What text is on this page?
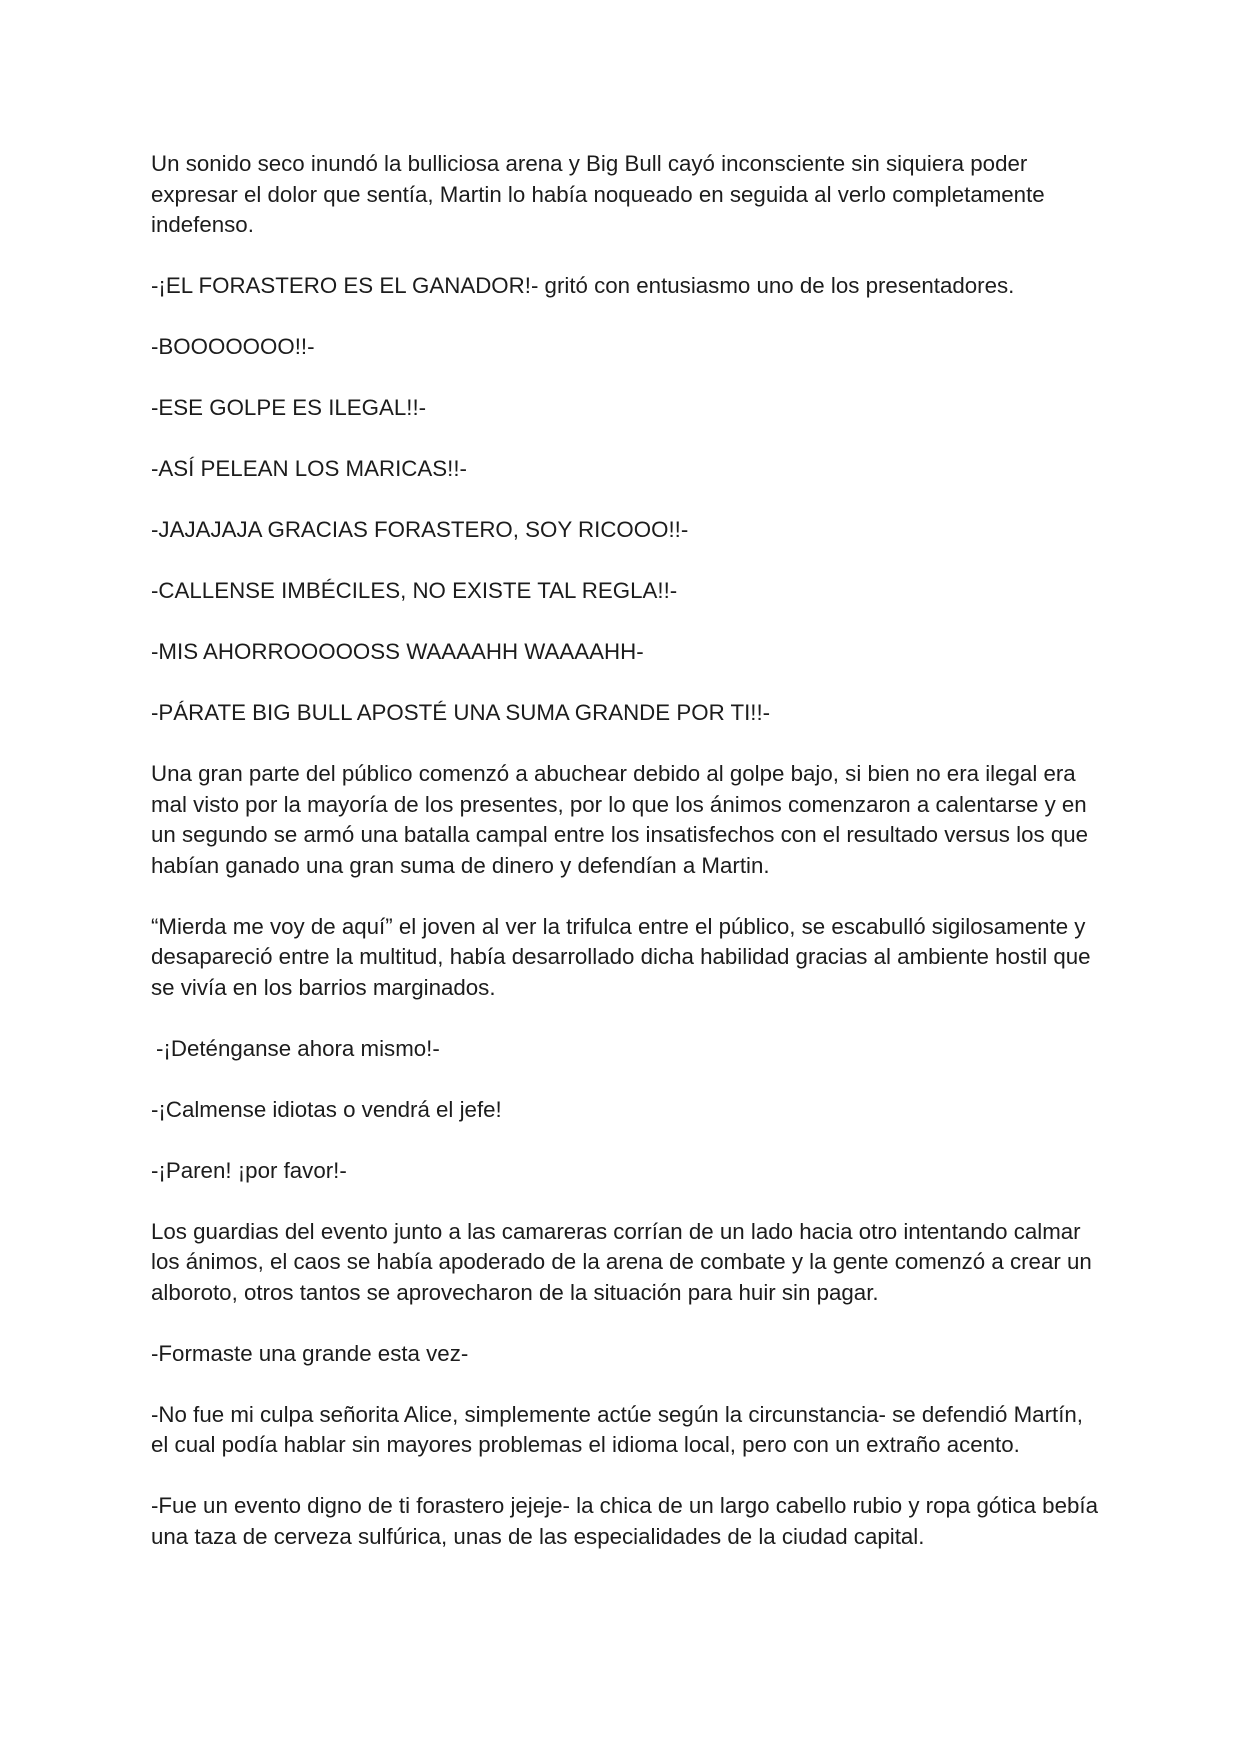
Un sonido seco inundó la bulliciosa arena y Big Bull cayó inconsciente sin siquiera poder expresar el dolor que sentía, Martin lo había noqueado en seguida al verlo completamente indefenso.

-¡EL FORASTERO ES EL GANADOR!- gritó con entusiasmo uno de los presentadores.

-BOOOOOOO!!-

-ESE GOLPE ES ILEGAL!!-

-ASÍ PELEAN LOS MARICAS!!-

-JAJAJAJA GRACIAS FORASTERO, SOY RICOOO!!-

-CALLENSE IMBÉCILES, NO EXISTE TAL REGLA!!-

-MIS AHORROOOOOSS WAAAAHH WAAAAHH-

-PÁRATE BIG BULL APOSTÉ UNA SUMA GRANDE POR TI!!-

Una gran parte del público comenzó a abuchear debido al golpe bajo, si bien no era ilegal era mal visto por la mayoría de los presentes, por lo que los ánimos comenzaron a calentarse y en un segundo se armó una batalla campal entre los insatisfechos con el resultado versus los que habían ganado una gran suma de dinero y defendían a Martin.

“Mierda me voy de aquí” el joven al ver la trifulca entre el público, se escabulló sigilosamente y desapareció entre la multitud, había desarrollado dicha habilidad gracias al ambiente hostil que se vivía en los barrios marginados.

-¡Deténganse ahora mismo!-

-¡Calmense idiotas o vendrá el jefe!

-¡Paren! ¡por favor!-

Los guardias del evento junto a las camareras corrían de un lado hacia otro intentando calmar los ánimos, el caos se había apoderado de la arena de combate y la gente comenzó a crear un alboroto, otros tantos se aprovecharon de la situación para huir sin pagar.

-Formaste una grande esta vez-

-No fue mi culpa señorita Alice, simplemente actúe según la circunstancia- se defendió Martín, el cual podía hablar sin mayores problemas el idioma local, pero con un extraño acento.

-Fue un evento digno de ti forastero jejeje- la chica de un largo cabello rubio y ropa gótica bebía una taza de cerveza sulfúrica, unas de las especialidades de la ciudad capital.
